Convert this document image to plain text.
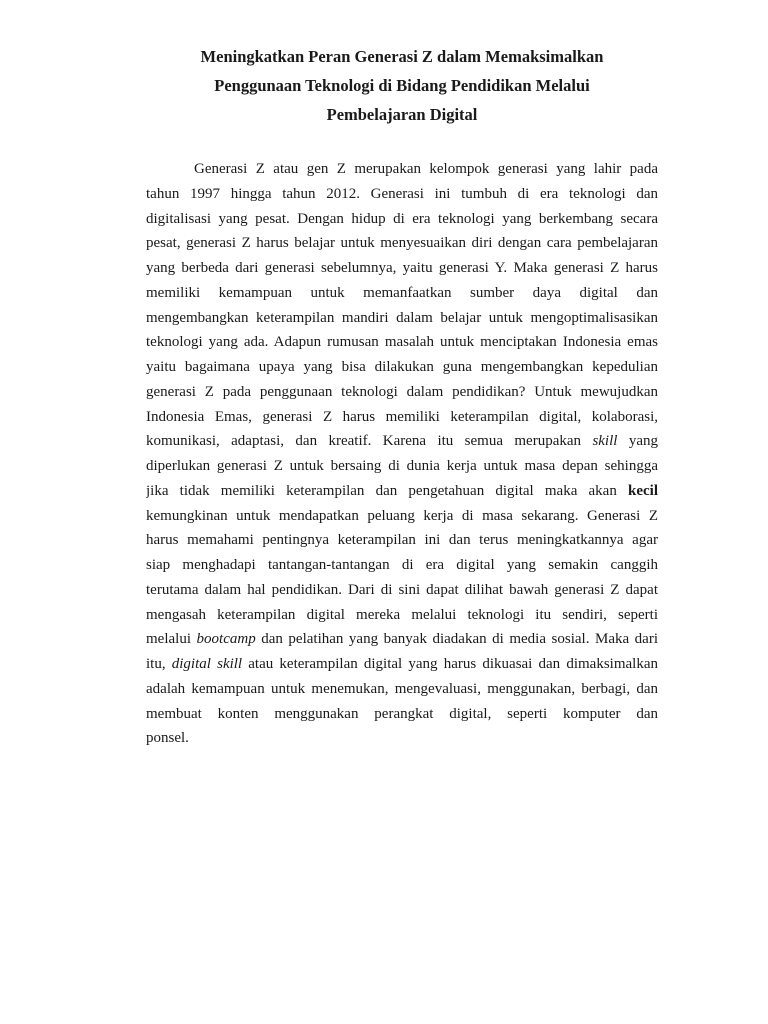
Meningkatkan Peran Generasi Z dalam Memaksimalkan
Penggunaan Teknologi di Bidang Pendidikan Melalui
Pembelajaran Digital
Generasi Z atau gen Z merupakan kelompok generasi yang lahir pada
tahun 1997 hingga tahun 2012. Generasi ini tumbuh di era teknologi dan
digitalisasi yang pesat. Dengan hidup di era teknologi yang berkembang secara
pesat, generasi Z harus belajar untuk menyesuaikan diri dengan cara pembelajaran
yang berbeda dari generasi sebelumnya, yaitu generasi Y. Maka generasi Z harus
memiliki kemampuan untuk memanfaatkan sumber daya digital dan
mengembangkan keterampilan mandiri dalam belajar untuk mengoptimalisasikan
teknologi yang ada. Adapun rumusan masalah untuk menciptakan Indonesia emas
yaitu bagaimana upaya yang bisa dilakukan guna mengembangkan kepedulian
generasi Z pada penggunaan teknologi dalam pendidikan? Untuk mewujudkan
Indonesia Emas, generasi Z harus memiliki keterampilan digital, kolaborasi,
komunikasi, adaptasi, dan kreatif. Karena itu semua merupakan skill yang
diperlukan generasi Z untuk bersaing di dunia kerja untuk masa depan sehingga
jika tidak memiliki keterampilan dan pengetahuan digital maka akan kecil
kemungkinan untuk mendapatkan peluang kerja di masa sekarang. Generasi Z
harus memahami pentingnya keterampilan ini dan terus meningkatkannya agar
siap menghadapi tantangan-tantangan di era digital yang semakin canggih
terutama dalam hal pendidikan. Dari di sini dapat dilihat bawah generasi Z dapat
mengasah keterampilan digital mereka melalui teknologi itu sendiri, seperti
melalui bootcamp dan pelatihan yang banyak diadakan di media sosial. Maka dari
itu, digital skill atau keterampilan digital yang harus dikuasai dan dimaksimalkan
adalah kemampuan untuk menemukan, mengevaluasi, menggunakan, berbagi, dan
membuat konten menggunakan perangkat digital, seperti komputer dan
ponsel.
